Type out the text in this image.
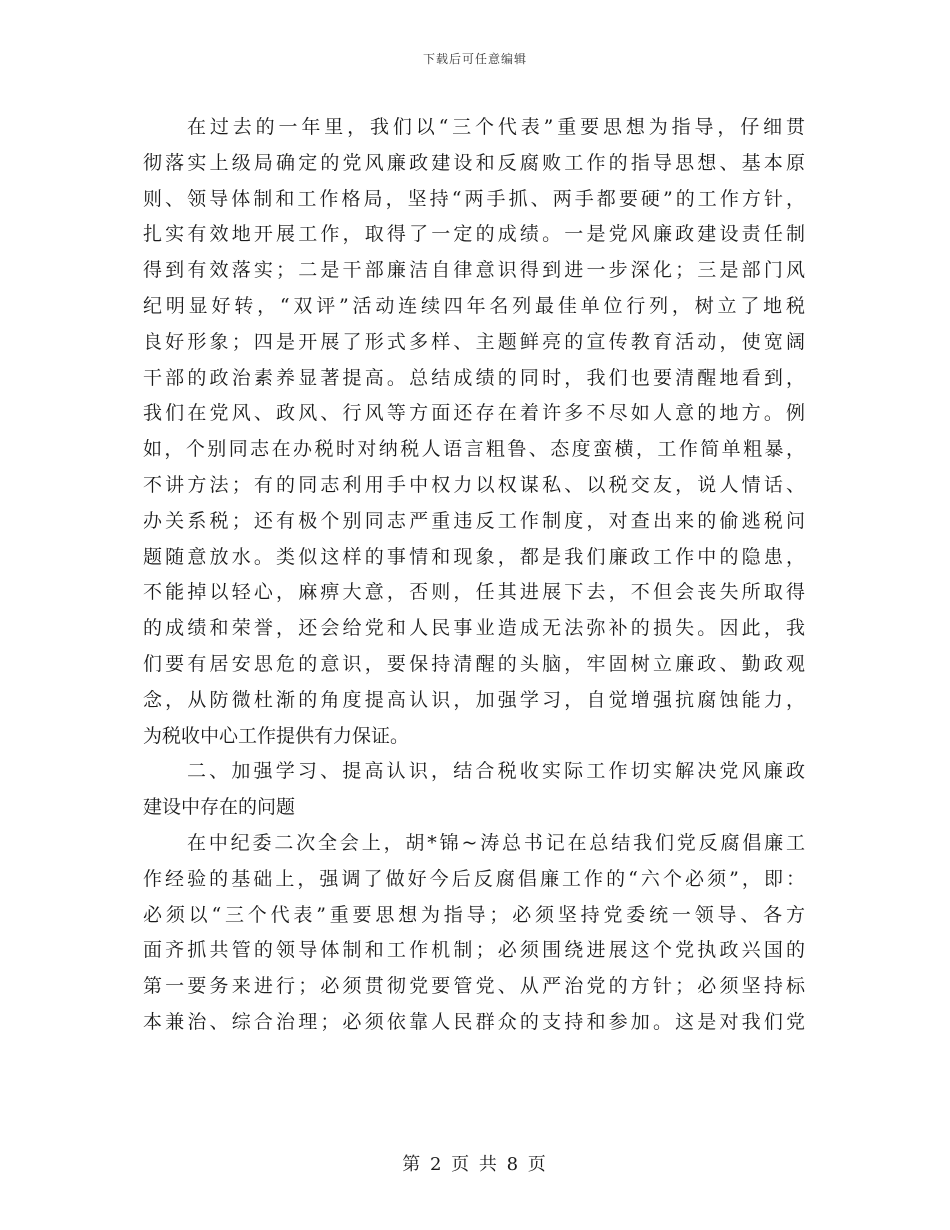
下载后可任意编辑
在过去的一年里，我们以“三个代表”重要思想为指导，仔细贯
彻落实上级局确定的党风廉政建设和反腐败工作的指导思想、基本原
则、领导体制和工作格局，坚持“两手抓、两手都要硬”的工作方针，
扎实有效地开展工作，取得了一定的成绩。一是党风廉政建设责任制
得到有效落实；二是干部廉洁自律意识得到进一步深化；三是部门风
纪明显好转，“双评”活动连续四年名列最佳单位行列，树立了地税
良好形象；四是开展了形式多样、主题鲜亮的宣传教育活动，使宽阔
干部的政治素养显著提高。总结成绩的同时，我们也要清醒地看到，
我们在党风、政风、行风等方面还存在着许多不尽如人意的地方。例
如，个别同志在办税时对纳税人语言粗鲁、态度蛮横，工作简单粗暴，
不讲方法；有的同志利用手中权力以权谋私、以税交友，说人情话、
办关系税；还有极个别同志严重违反工作制度，对查出来的偷逃税问
题随意放水。类似这样的事情和现象，都是我们廉政工作中的隐患，
不能掉以轻心，麻痹大意，否则，任其进展下去，不但会丧失所取得
的成绩和荣誉，还会给党和人民事业造成无法弥补的损失。因此，我
们要有居安思危的意识，要保持清醒的头脑，牢固树立廉政、勤政观
念，从防微杜渐的角度提高认识，加强学习，自觉增强抗腐蚀能力，
为税收中心工作提供有力保证。
二、加强学习、提高认识，结合税收实际工作切实解决党风廉政
建设中存在的问题
在中纪委二次全会上，胡*锦~涛总书记在总结我们党反腐倡廉工
作经验的基础上，强调了做好今后反腐倡廉工作的“六个必须”，即：
必须以“三个代表”重要思想为指导；必须坚持党委统一领导、各方
面齐抓共管的领导体制和工作机制；必须围绕进展这个党执政兴国的
第一要务来进行；必须贯彻党要管党、从严治党的方针；必须坚持标
本兼治、综合治理；必须依靠人民群众的支持和参加。这是对我们党
第 2 页 共 8 页
